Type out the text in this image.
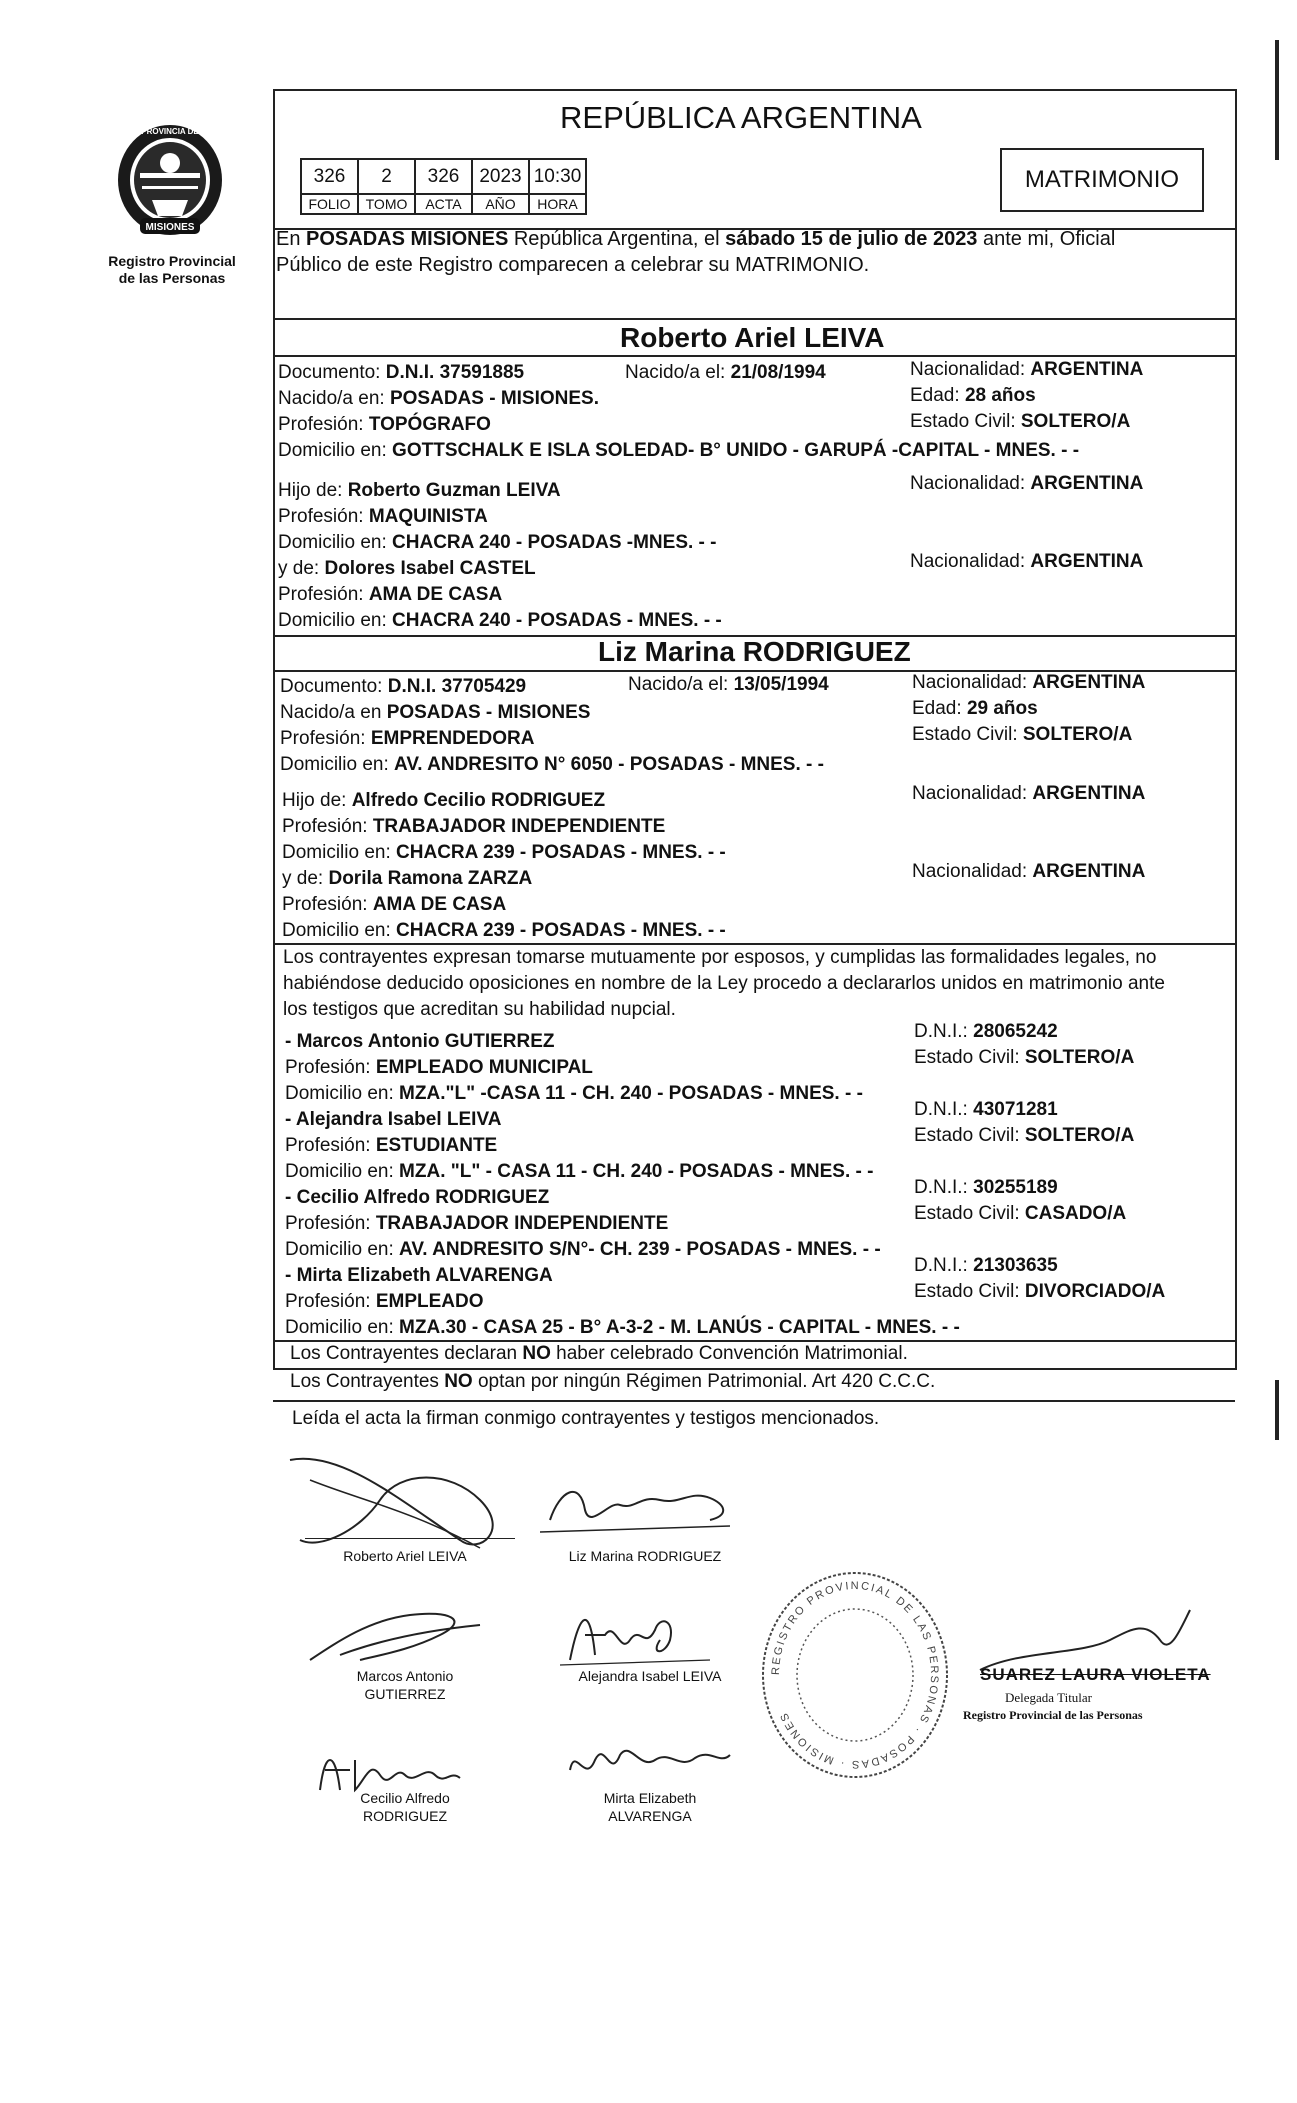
MISIONES
PROVINCIA DE
Registro Provincial
de las Personas
REPÚBLICA ARGENTINA
326	2	326	2023	10:30
FOLIO	TOMO	ACTA	AÑO	HORA
MATRIMONIO
En POSADAS MISIONES República Argentina, el sábado 15 de julio de 2023 ante mi, Oficial
Público de este Registro comparecen a celebrar su MATRIMONIO.
Roberto Ariel LEIVA
Documento: D.N.I. 37591885	Nacido/a el: 21/08/1994	Nacionalidad: ARGENTINA
Nacido/a en: POSADAS - MISIONES.	Edad: 28 años
Profesión: TOPÓGRAFO	Estado Civil: SOLTERO/A
Domicilio en: GOTTSCHALK E ISLA SOLEDAD- B° UNIDO - GARUPÁ -CAPITAL - MNES. - -
Hijo de: Roberto Guzman LEIVA	Nacionalidad: ARGENTINA
Profesión: MAQUINISTA
Domicilio en: CHACRA 240 - POSADAS -MNES. - -
y de: Dolores Isabel CASTEL	Nacionalidad: ARGENTINA
Profesión: AMA DE CASA
Domicilio en: CHACRA 240 - POSADAS - MNES. - -
Liz Marina RODRIGUEZ
Documento: D.N.I. 37705429	Nacido/a el: 13/05/1994	Nacionalidad: ARGENTINA
Nacido/a en POSADAS - MISIONES	Edad: 29 años
Profesión: EMPRENDEDORA	Estado Civil: SOLTERO/A
Domicilio en: AV. ANDRESITO N° 6050 - POSADAS - MNES. - -
Hijo de: Alfredo Cecilio RODRIGUEZ	Nacionalidad: ARGENTINA
Profesión: TRABAJADOR INDEPENDIENTE
Domicilio en: CHACRA 239 - POSADAS - MNES. - -
y de: Dorila Ramona ZARZA	Nacionalidad: ARGENTINA
Profesión: AMA DE CASA
Domicilio en: CHACRA 239 - POSADAS - MNES. - -
Los contrayentes expresan tomarse mutuamente por esposos, y cumplidas las formalidades legales, no
habiéndose deducido oposiciones en nombre de la Ley procedo a declararlos unidos en matrimonio ante
los testigos que acreditan su habilidad nupcial.
- Marcos Antonio GUTIERREZ	D.N.I.: 28065242
Profesión: EMPLEADO MUNICIPAL	Estado Civil: SOLTERO/A
Domicilio en: MZA."L" -CASA 11 - CH. 240 - POSADAS - MNES. - -
- Alejandra Isabel LEIVA	D.N.I.: 43071281
Profesión: ESTUDIANTE	Estado Civil: SOLTERO/A
Domicilio en: MZA. "L" - CASA 11 - CH. 240 - POSADAS - MNES. - -
- Cecilio Alfredo RODRIGUEZ	D.N.I.: 30255189
Profesión: TRABAJADOR INDEPENDIENTE	Estado Civil: CASADO/A
Domicilio en: AV. ANDRESITO S/N°- CH. 239 - POSADAS - MNES. - -
- Mirta Elizabeth ALVARENGA	D.N.I.: 21303635
Profesión: EMPLEADO	Estado Civil: DIVORCIADO/A
Domicilio en: MZA.30 - CASA 25 - B° A-3-2 - M. LANÚS - CAPITAL - MNES. - -
Los Contrayentes declaran NO haber celebrado Convención Matrimonial.
Los Contrayentes NO optan por ningún Régimen Patrimonial. Art 420 C.C.C.
Leída el acta la firman conmigo contrayentes y testigos mencionados.
Roberto Ariel LEIVA	Liz Marina RODRIGUEZ
Marcos Antonio
GUTIERREZ
Alejandra Isabel LEIVA
Cecilio Alfredo
RODRIGUEZ
Mirta Elizabeth
ALVARENGA
REGISTRO PROVINCIAL DE LAS PERSONAS · POSADAS · MISIONES
SUAREZ LAURA VIOLETA
Delegada Titular
Registro Provincial de las Personas
